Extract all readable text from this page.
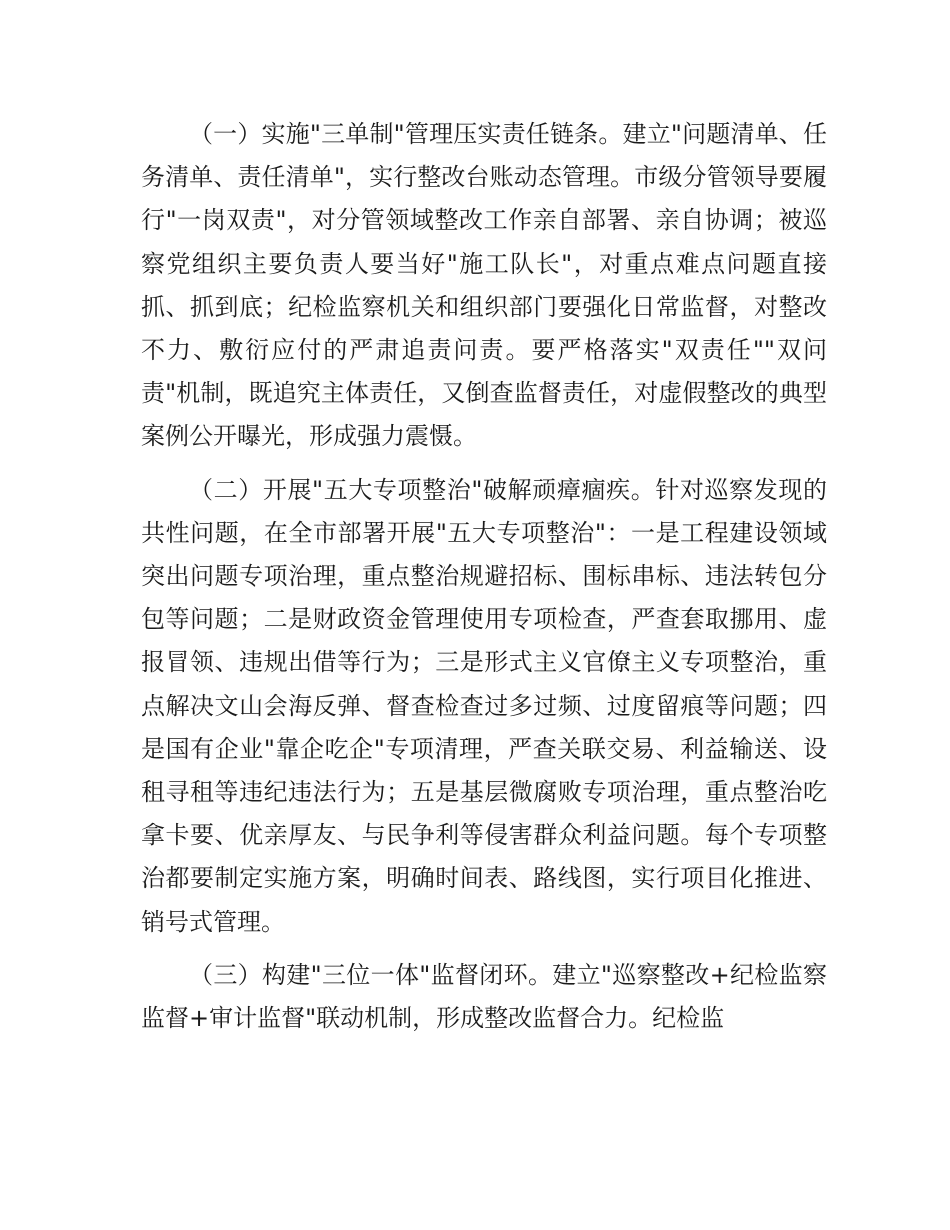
（一）实施"三单制"管理压实责任链条。建立"问题清单、任务清单、责任清单"，实行整改台账动态管理。市级分管领导要履行"一岗双责"，对分管领域整改工作亲自部署、亲自协调；被巡察党组织主要负责人要当好"施工队长"，对重点难点问题直接抓、抓到底；纪检监察机关和组织部门要强化日常监督，对整改不力、敷衍应付的严肃追责问责。要严格落实"双责任""双问责"机制，既追究主体责任，又倒查监督责任，对虚假整改的典型案例公开曝光，形成强力震慑。

（二）开展"五大专项整治"破解顽瘴痼疾。针对巡察发现的共性问题，在全市部署开展"五大专项整治"：一是工程建设领域突出问题专项治理，重点整治规避招标、围标串标、违法转包分包等问题；二是财政资金管理使用专项检查，严查套取挪用、虚报冒领、违规出借等行为；三是形式主义官僚主义专项整治，重点解决文山会海反弹、督查检查过多过频、过度留痕等问题；四是国有企业"靠企吃企"专项清理，严查关联交易、利益输送、设租寻租等违纪违法行为；五是基层微腐败专项治理，重点整治吃拿卡要、优亲厚友、与民争利等侵害群众利益问题。每个专项整治都要制定实施方案，明确时间表、路线图，实行项目化推进、销号式管理。

（三）构建"三位一体"监督闭环。建立"巡察整改+纪检监察监督+审计监督"联动机制，形成整改监督合力。纪检监
